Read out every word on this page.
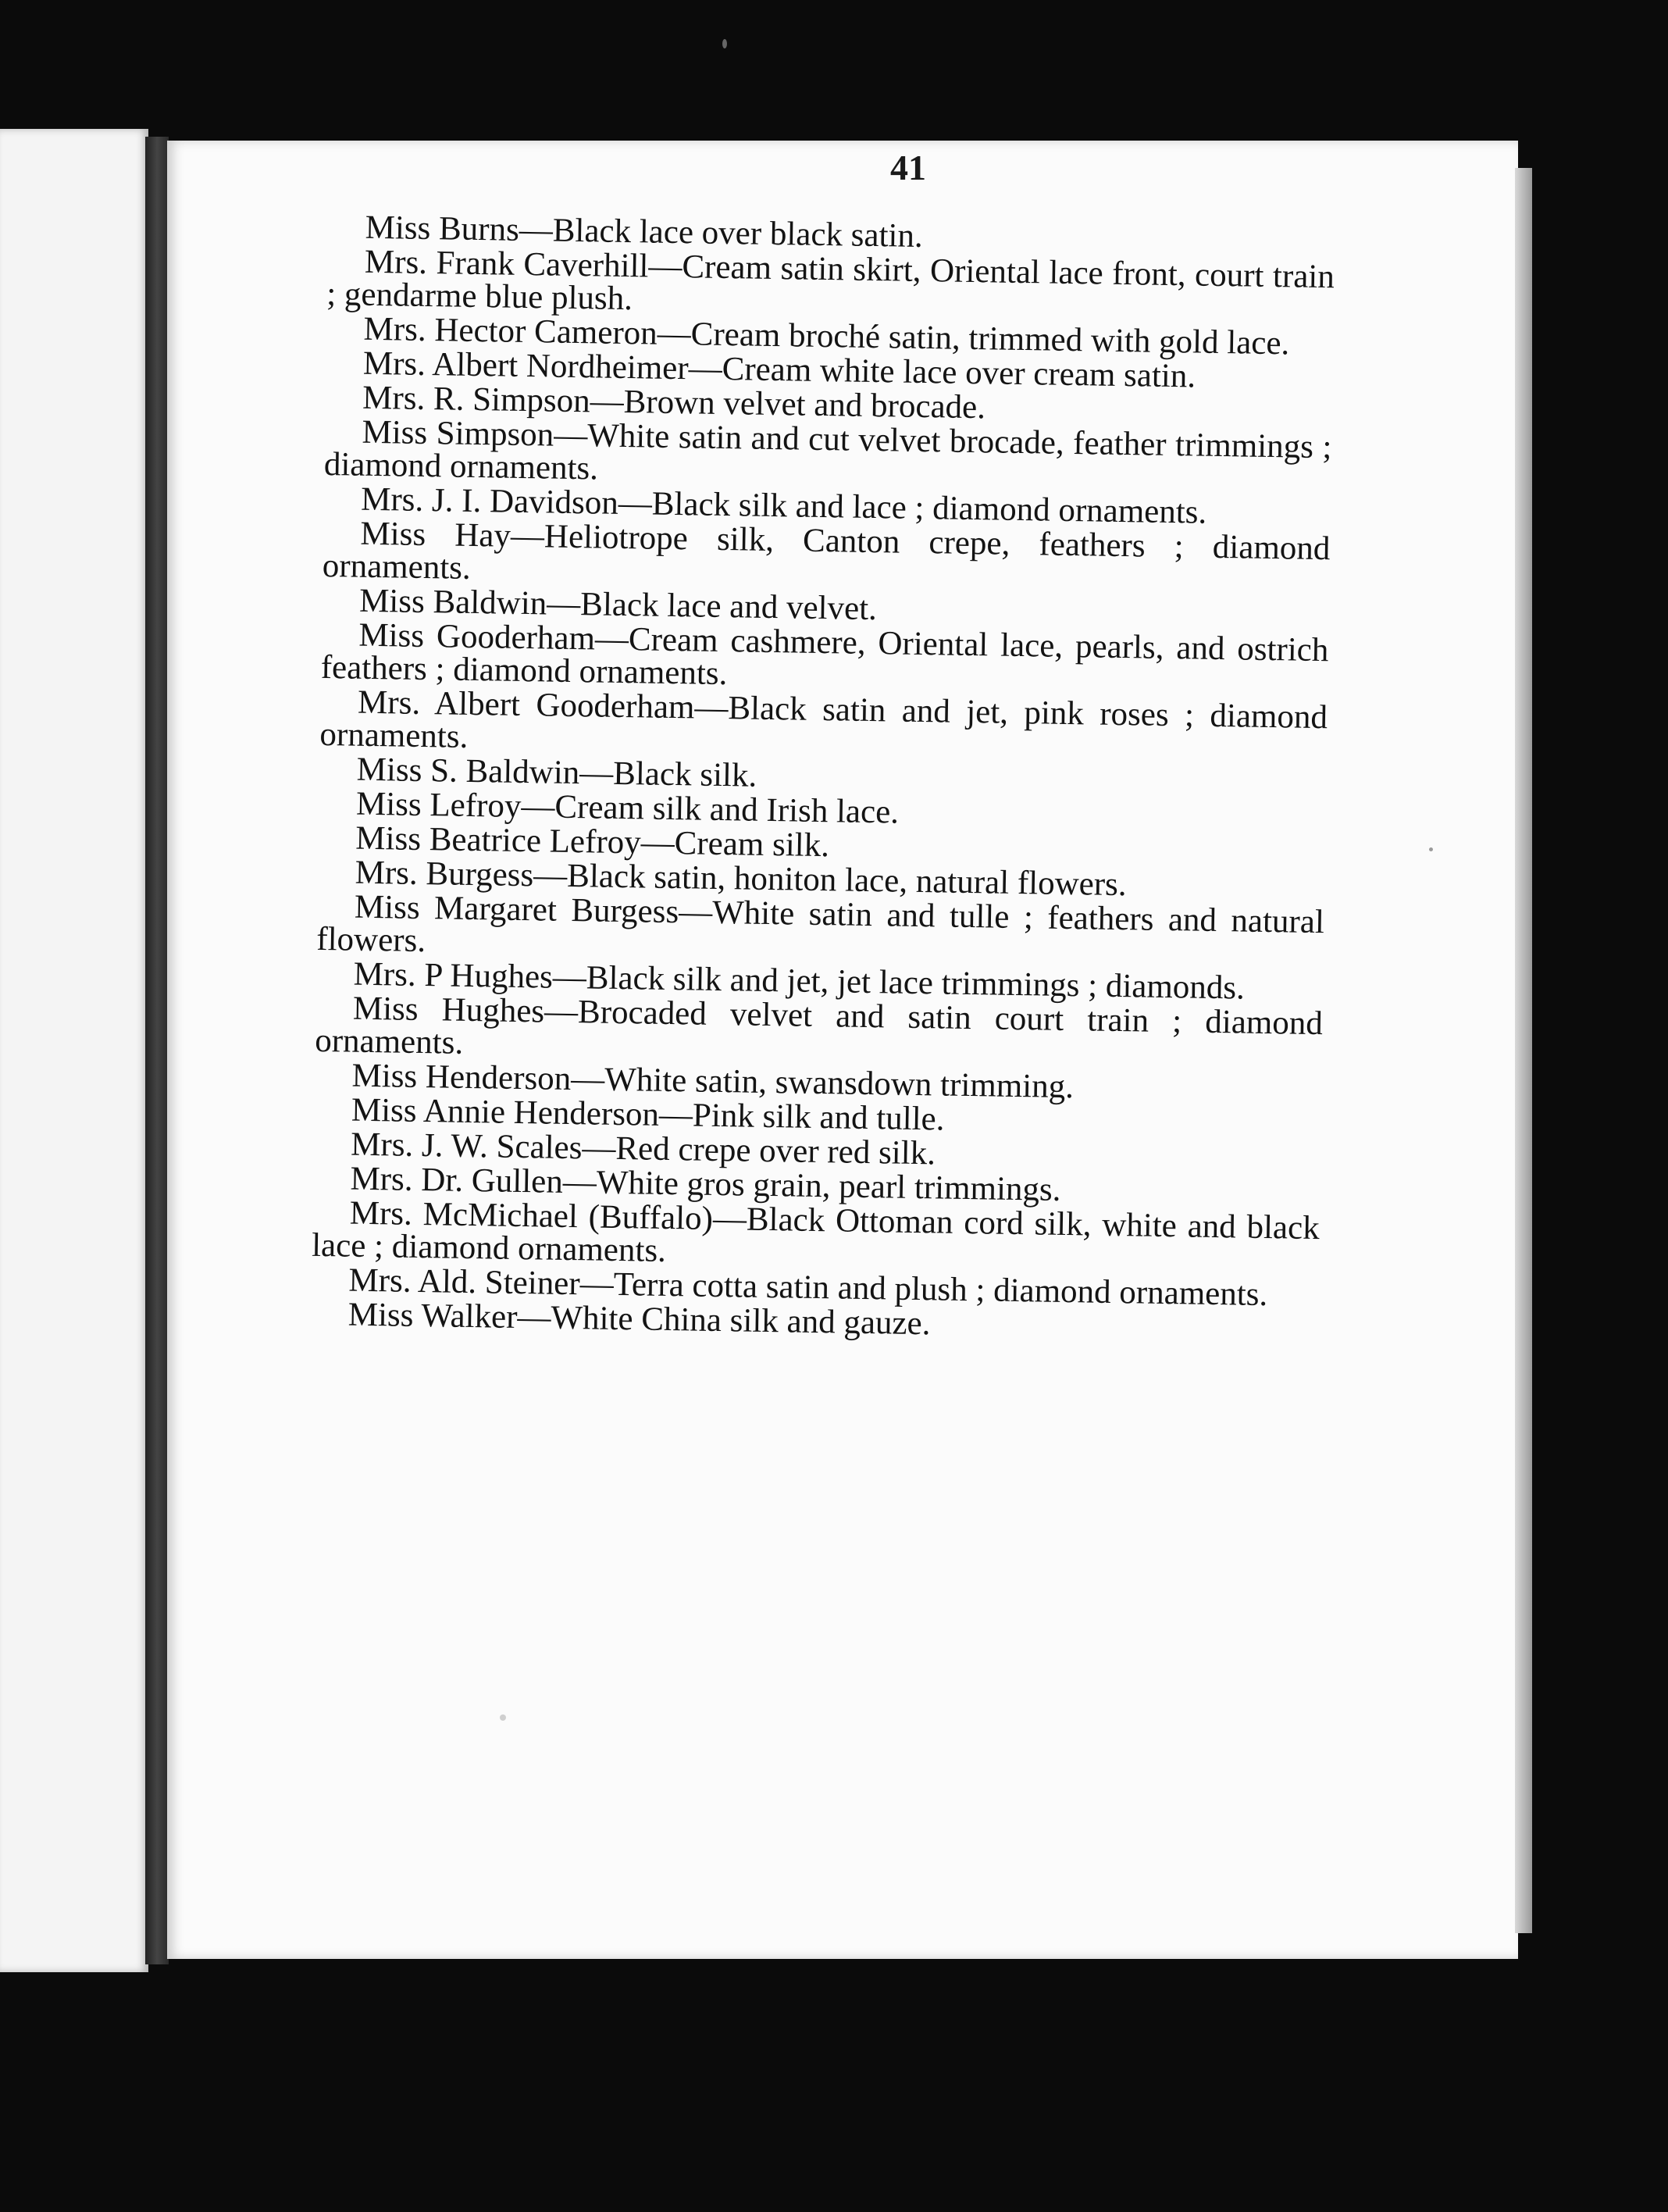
41

Miss Burns—Black lace over black satin.

Mrs. Frank Caverhill—Cream satin skirt, Oriental lace front, court train ; gendarme blue plush.

Mrs. Hector Cameron—Cream broché satin, trimmed with gold lace.

Mrs. Albert Nordheimer—Cream white lace over cream satin.

Mrs. R. Simpson—Brown velvet and brocade.

Miss Simpson—White satin and cut velvet brocade, feather trimmings ; diamond ornaments.

Mrs. J. I. Davidson—Black silk and lace ; diamond ornaments.

Miss Hay—Heliotrope silk, Canton crepe, feathers ; diamond ornaments.

Miss Baldwin—Black lace and velvet.

Miss Gooderham—Cream cashmere, Oriental lace, pearls, and ostrich feathers ; diamond ornaments.

Mrs. Albert Gooderham—Black satin and jet, pink roses ; diamond ornaments.

Miss S. Baldwin—Black silk.

Miss Lefroy—Cream silk and Irish lace.

Miss Beatrice Lefroy—Cream silk.

Mrs. Burgess—Black satin, honiton lace, natural flowers.

Miss Margaret Burgess—White satin and tulle ; feathers and natural flowers.

Mrs. P Hughes—Black silk and jet, jet lace trimmings ; diamonds.

Miss Hughes—Brocaded velvet and satin court train ; diamond ornaments.

Miss Henderson—White satin, swansdown trimming.

Miss Annie Henderson—Pink silk and tulle.

Mrs. J. W. Scales—Red crepe over red silk.

Mrs. Dr. Gullen—White gros grain, pearl trimmings.

Mrs. McMichael (Buffalo)—Black Ottoman cord silk, white and black lace ; diamond ornaments.

Mrs. Ald. Steiner—Terra cotta satin and plush ; diamond ornaments.

Miss Walker—White China silk and gauze.
